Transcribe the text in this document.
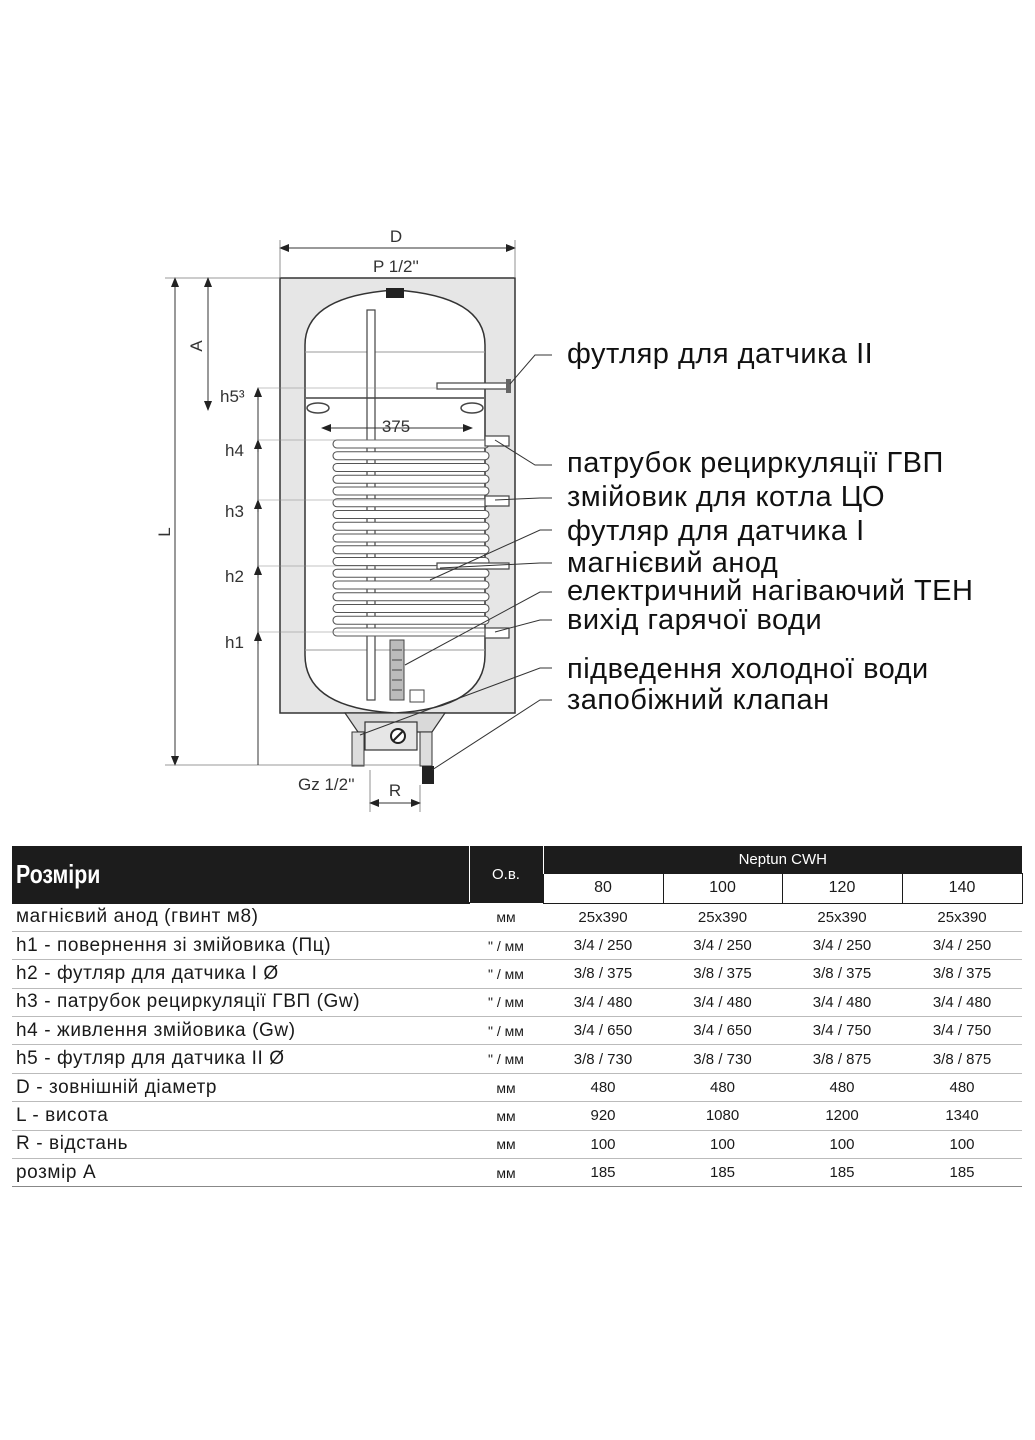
375
D
P 1/2''
L
A
h5³
h4
h3
h2
h1
Gz 1/2'' R
футляр для датчика II
патрубок рециркуляції ГВП
змійовик для котла ЦО
футляр для датчика I
магнієвий анод
електричний нагіваючий ТЕН
вихід гарячої води
підведення холодної води
запобіжний клапан
Розміри	О.в.	Neptun CWH			
		80	100	120	140
магнієвий анод (гвинт м8)	мм	25x390	25x390	25x390	25x390
h1 - повернення зі змійовика (Пц)	" / мм	3/4 / 250	3/4 / 250	3/4 / 250	3/4 / 250
h2 - футляр для датчика I Ø	" / мм	3/8 / 375	3/8 / 375	3/8 / 375	3/8 / 375
h3 - патрубок рециркуляції ГВП (Gw)	" / мм	3/4 / 480	3/4 / 480	3/4 / 480	3/4 / 480
h4 - живлення змійовика (Gw)	" / мм	3/4 / 650	3/4 / 650	3/4 / 750	3/4 / 750
h5 - футляр для датчика II Ø	" / мм	3/8 / 730	3/8 / 730	3/8 / 875	3/8 / 875
D - зовнішній діаметр	мм	480	480	480	480
L - висота	мм	920	1080	1200	1340
R - відстань	мм	100	100	100	100
розмір A	мм	185	185	185	185
